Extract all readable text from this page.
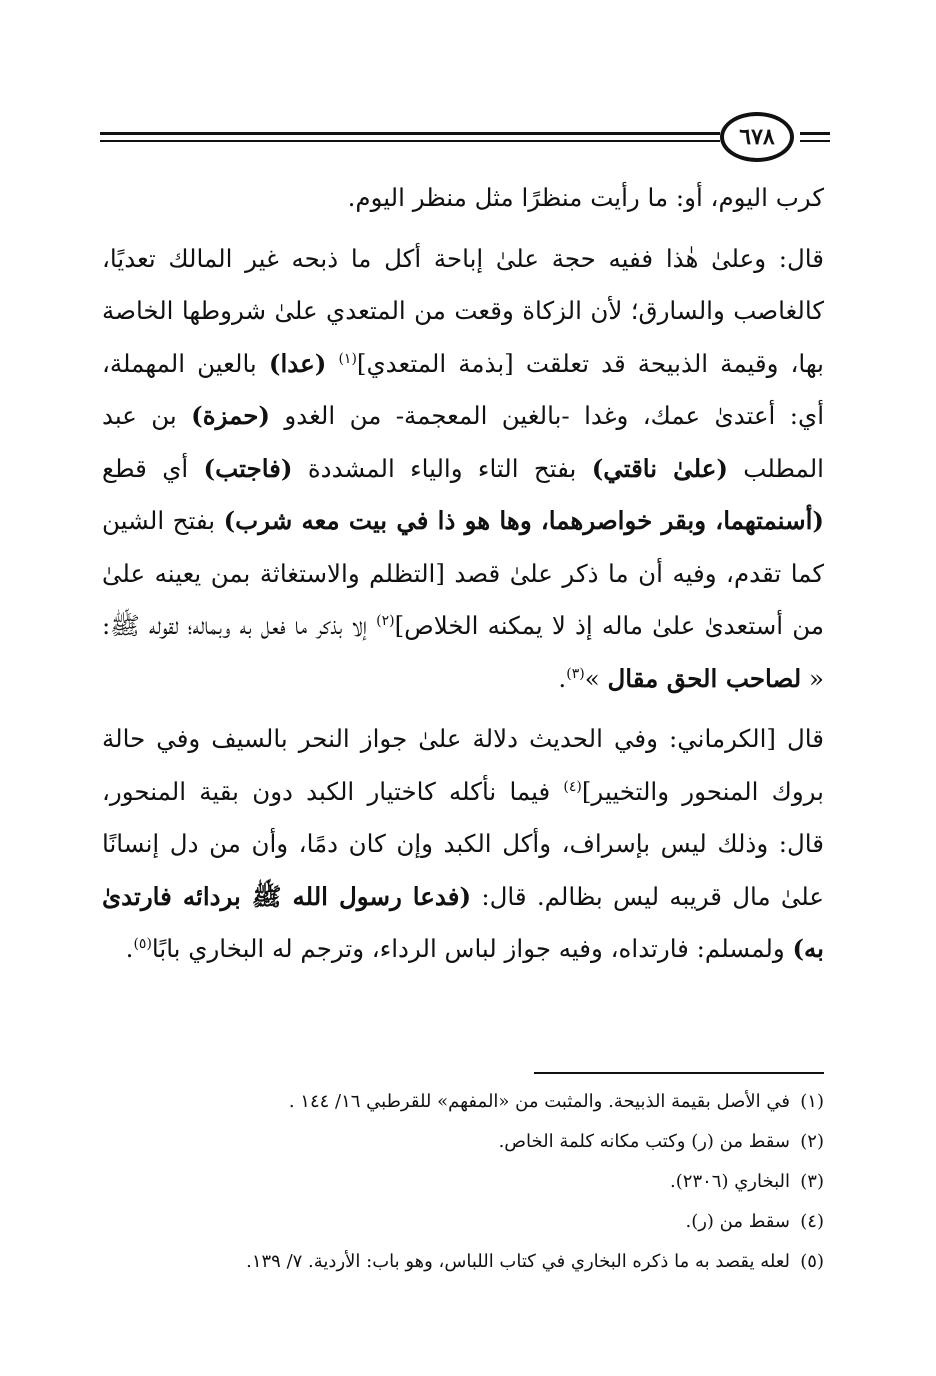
٦٧٨

كرب اليوم، أو: ما رأيت منظرًا مثل منظر اليوم.

قال: وعلىٰ هٰذا ففيه حجة علىٰ إباحة أكل ما ذبحه غير المالك تعديًا، كالغاصب والسارق؛ لأن الزكاة وقعت من المتعدي علىٰ شروطها الخاصة بها، وقيمة الذبيحة قد تعلقت [بذمة المتعدي]$^{(١)}$ (عدا) بالعين المهملة، أي: أعتدىٰ عمك، وغدا -بالغين المعجمة- من الغدو (حمزة) بن عبد المطلب (علىٰ ناقتي) بفتح التاء والياء المشددة (فاجتب) أي قطع (أسنمتهما، وبقر خواصرهما، وها هو ذا في بيت معه شرب) بفتح الشين كما تقدم، وفيه أن ما ذكر علىٰ قصد [التظلم والاستغاثة بمن يعينه علىٰ من أستعدىٰ علىٰ ماله إذ لا يمكنه الخلاص]$^{(٢)}$ إلا بذكر ما فعل به وبماله؛ لقوله ﷺ: « لصاحب الحق مقال »$^{(٣)}$.

قال [الكرماني: وفي الحديث دلالة علىٰ جواز النحر بالسيف وفي حالة بروك المنحور والتخيير]$^{(٤)}$ فيما نأكله كاختيار الكبد دون بقية المنحور، قال: وذلك ليس بإسراف، وأكل الكبد وإن كان دمًا، وأن من دل إنسانًا علىٰ مال قريبه ليس بظالم. قال: (فدعا رسول الله ﷺ بردائه فارتدىٰ به) ولمسلم: فارتداه، وفيه جواز لباس الرداء، وترجم له البخاري بابًا$^{(٥)}$.

(١)في الأصل بقيمة الذبيحة. والمثبت من «المفهم» للقرطبي ١٦/ ١٤٤ .
(٢)سقط من (ر) وكتب مكانه كلمة الخاص.
(٣)البخاري (٢٣٠٦).
(٤)سقط من (ر).
(٥)لعله يقصد به ما ذكره البخاري في كتاب اللباس، وهو باب: الأردية. ٧/ ١٣٩.
